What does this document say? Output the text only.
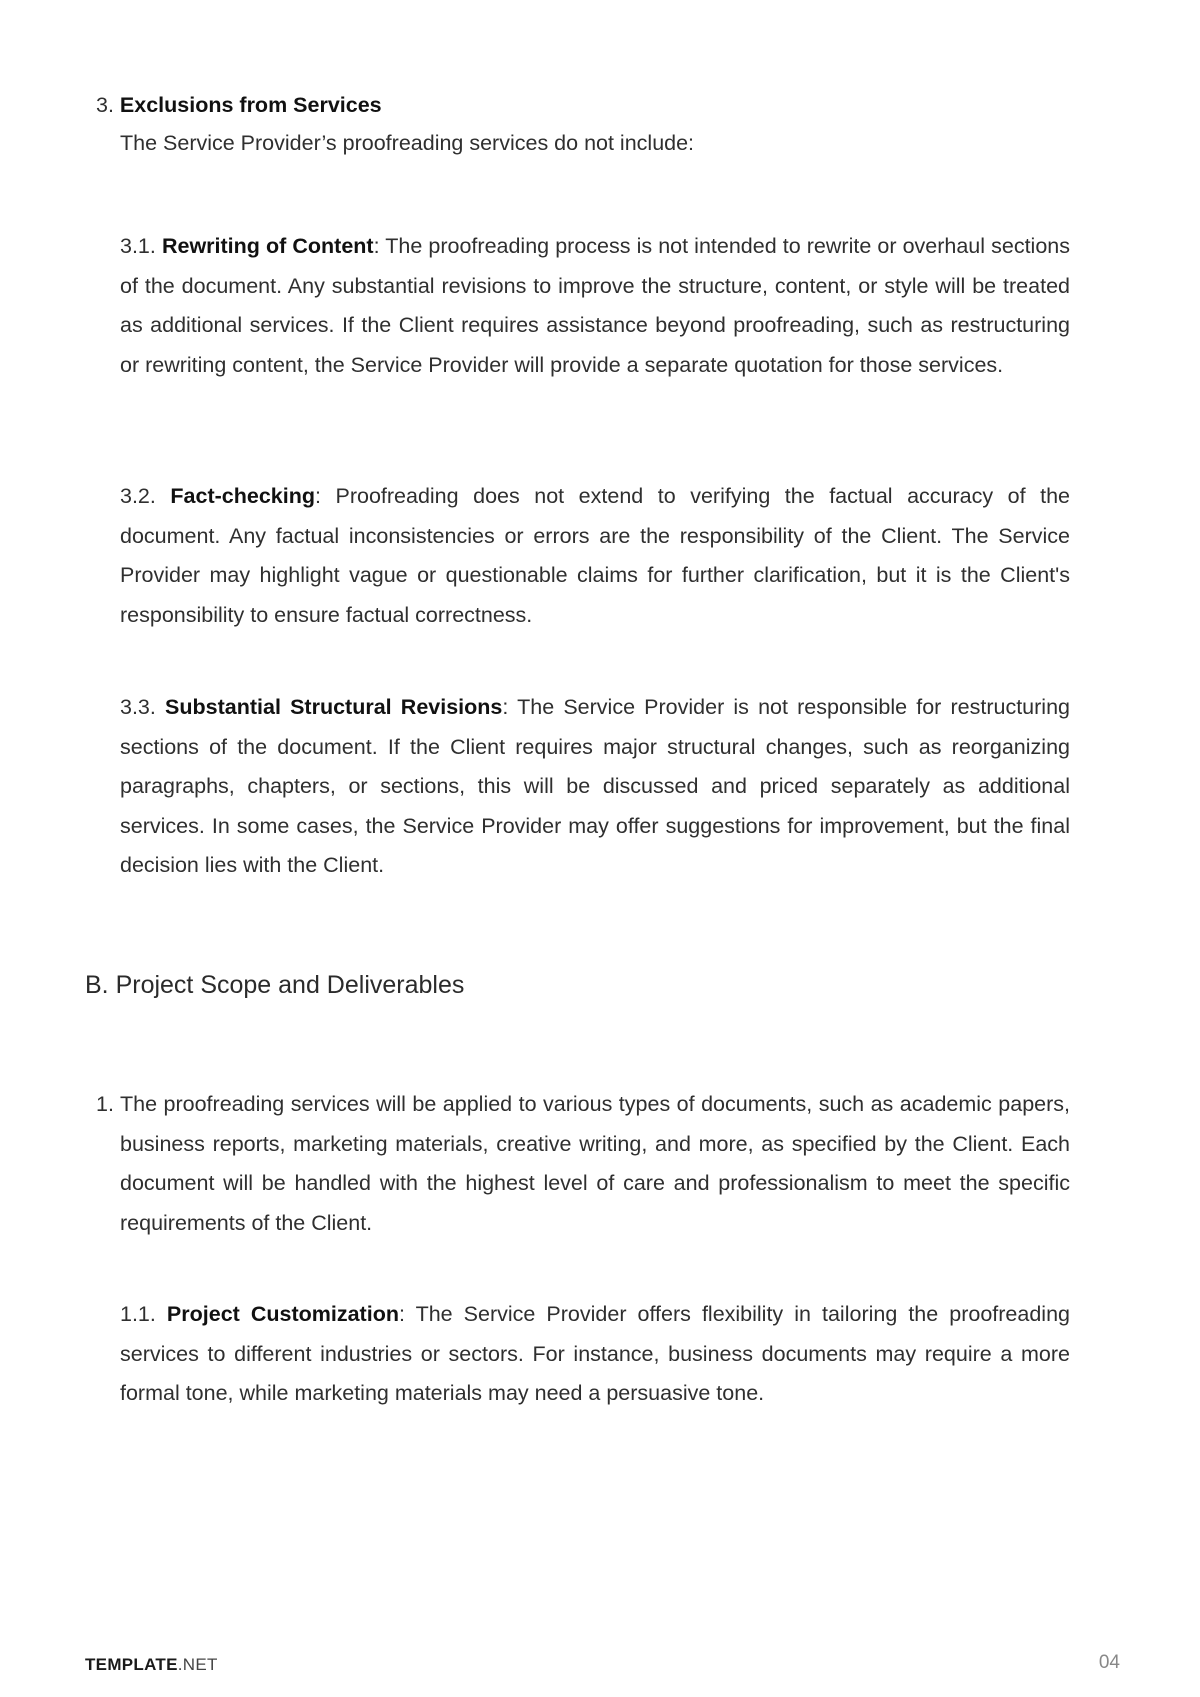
3. Exclusions from Services

The Service Provider’s proofreading services do not include:

3.1. Rewriting of Content: The proofreading process is not intended to rewrite or overhaul sections of the document. Any substantial revisions to improve the structure, content, or style will be treated as additional services. If the Client requires assistance beyond proofreading, such as restructuring or rewriting content, the Service Provider will provide a separate quotation for those services.

3.2. Fact-checking: Proofreading does not extend to verifying the factual accuracy of the document. Any factual inconsistencies or errors are the responsibility of the Client. The Service Provider may highlight vague or questionable claims for further clarification, but it is the Client's responsibility to ensure factual correctness.

3.3. Substantial Structural Revisions: The Service Provider is not responsible for restructuring sections of the document. If the Client requires major structural changes, such as reorganizing paragraphs, chapters, or sections, this will be discussed and priced separately as additional services. In some cases, the Service Provider may offer suggestions for improvement, but the final decision lies with the Client.

B. Project Scope and Deliverables
1. The proofreading services will be applied to various types of documents, such as academic papers, business reports, marketing materials, creative writing, and more, as specified by the Client. Each document will be handled with the highest level of care and professionalism to meet the specific requirements of the Client.

1.1. Project Customization: The Service Provider offers flexibility in tailoring the proofreading services to different industries or sectors. For instance, business documents may require a more formal tone, while marketing materials may need a persuasive tone.

TEMPLATE.NET	04
